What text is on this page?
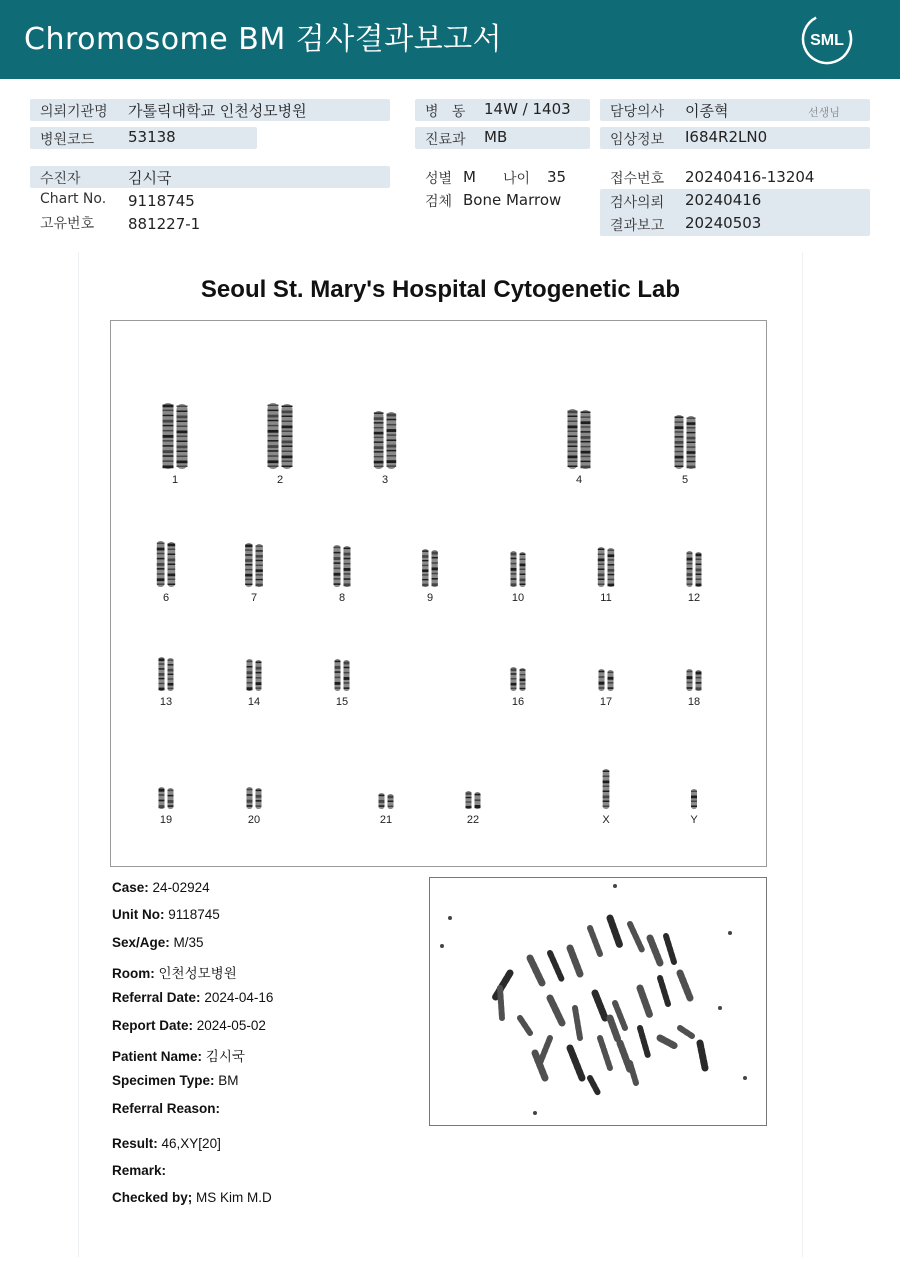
Chromosome BM 검사결과보고서	SML
의뢰기관명 가톨릭대학교 인천성모병원
병원코드 53138
수진자	김시국
Chart No. 9118745
고유번호 881227-1
병   동 14W / 1403
진료과 MB
성별 M 나이 35
검체 Bone Marrow
담당의사 이종혁	선생님
임상정보 I684R2LN0
접수번호 20240416-13204
검사의뢰 20240416
결과보고 20240503
Seoul St. Mary's Hospital Cytogenetic Lab
1	2	3	4	5
6	7	8	9	10	11	12
13	14	15	16	17	18
19	20	21	22	X	Y
Case: 24-02924
Unit No: 9118745
Sex/Age: M/35
Room: 인천성모병원
Referral Date: 2024-04-16
Report Date: 2024-05-02
Patient Name: 김시국
Specimen Type: BM
Referral Reason:
Result: 46,XY[20]
Remark:
Checked by; MS Kim M.D
